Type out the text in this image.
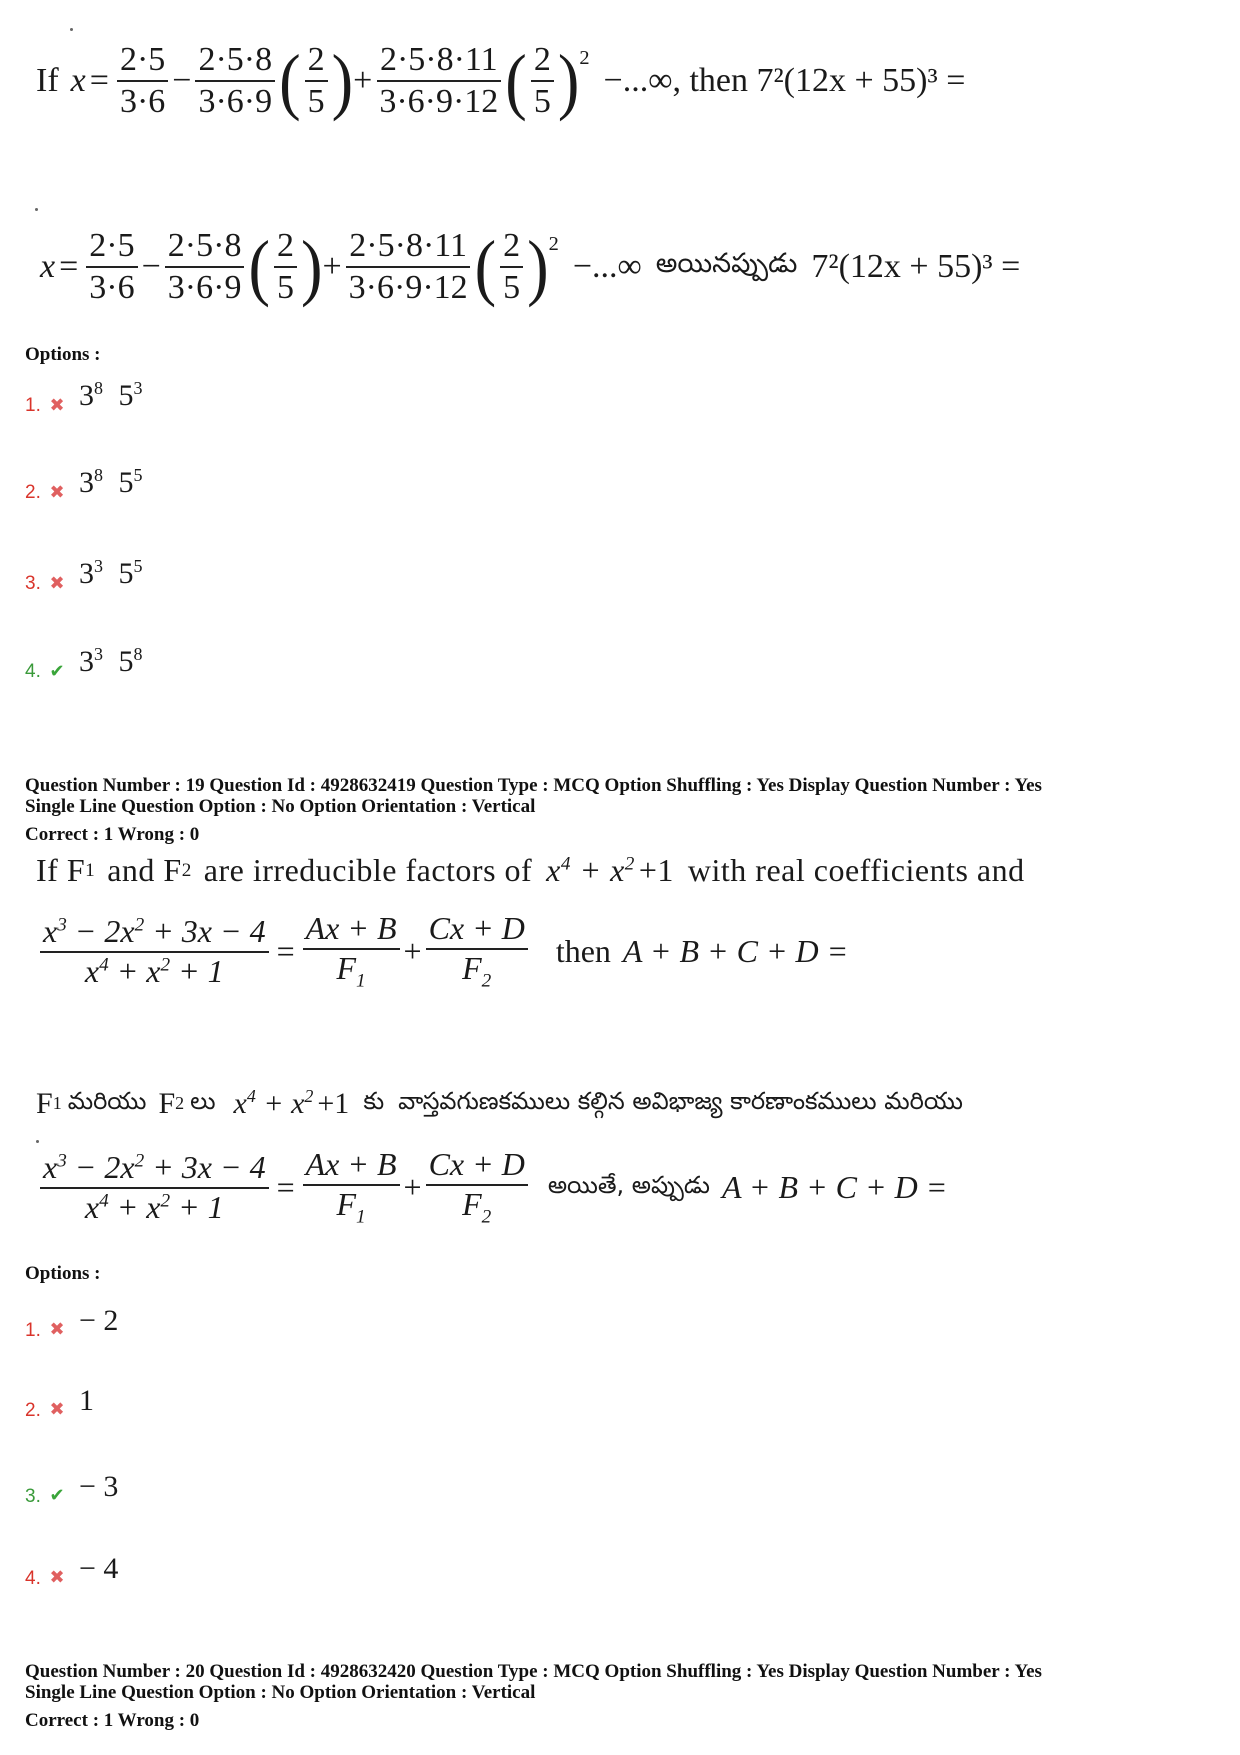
If $x = \frac{2\cdot 5}{3\cdot 6} - \frac{2\cdot 5\cdot 8}{3\cdot 6\cdot 9}$ ( $\frac{2}{5}$ ) + $\frac{2\cdot 5\cdot 8\cdot 11}{3\cdot 6\cdot 9\cdot 12}$ ( $\frac{2}{5}$ ) 2
−...∞, then 7²(12x + 55)³ =
$x = \frac{2\cdot 5}{3\cdot 6} - \frac{2\cdot 5\cdot 8}{3\cdot 6\cdot 9}$ ( $\frac{2}{5}$ ) + $\frac{2\cdot 5\cdot 8\cdot 11}{3\cdot 6\cdot 9\cdot 12}$ ( $\frac{2}{5}$ ) 2
−...∞ అయినప్పుడు 7²(12x + 55)³ =
Options :
1. ✖ $3^8$ $5^3$
2. ✖ $3^8$ $5^5$
3. ✖ $3^3$ $5^5$
4. ✔ $3^3$ $5^8$
Question Number : 19 Question Id : 4928632419 Question Type : MCQ Option Shuffling : Yes Display Question Number : Yes
Single Line Question Option : No Option Orientation : Vertical
Correct : 1 Wrong : 0
If F 1 and F 2 are irreducible factors of $x^4 + x^2 +1$ with real coefficients and
$\frac{x^3 - 2x^2 + 3x - 4}{x^4 + x^2 + 1} = \frac{Ax + B}{F_1} + \frac{Cx + D}{F_2}$ then A + B + C + D =
F 1 మరియు F 2 లు $x^4 + x^2 +1$ కు వాస్తవగుణకములు కల్గిన అవిభాజ్య కారణాంకములు మరియు
$\frac{x^3 - 2x^2 + 3x - 4}{x^4 + x^2 + 1} = \frac{Ax + B}{F_1} + \frac{Cx + D}{F_2}$ అయితే, అప్పుడు A + B + C + D =
Options :
1. ✖ − 2
2. ✖ 1
3. ✔ − 3
4. ✖ − 4
Question Number : 20 Question Id : 4928632420 Question Type : MCQ Option Shuffling : Yes Display Question Number : Yes
Single Line Question Option : No Option Orientation : Vertical
Correct : 1 Wrong : 0
